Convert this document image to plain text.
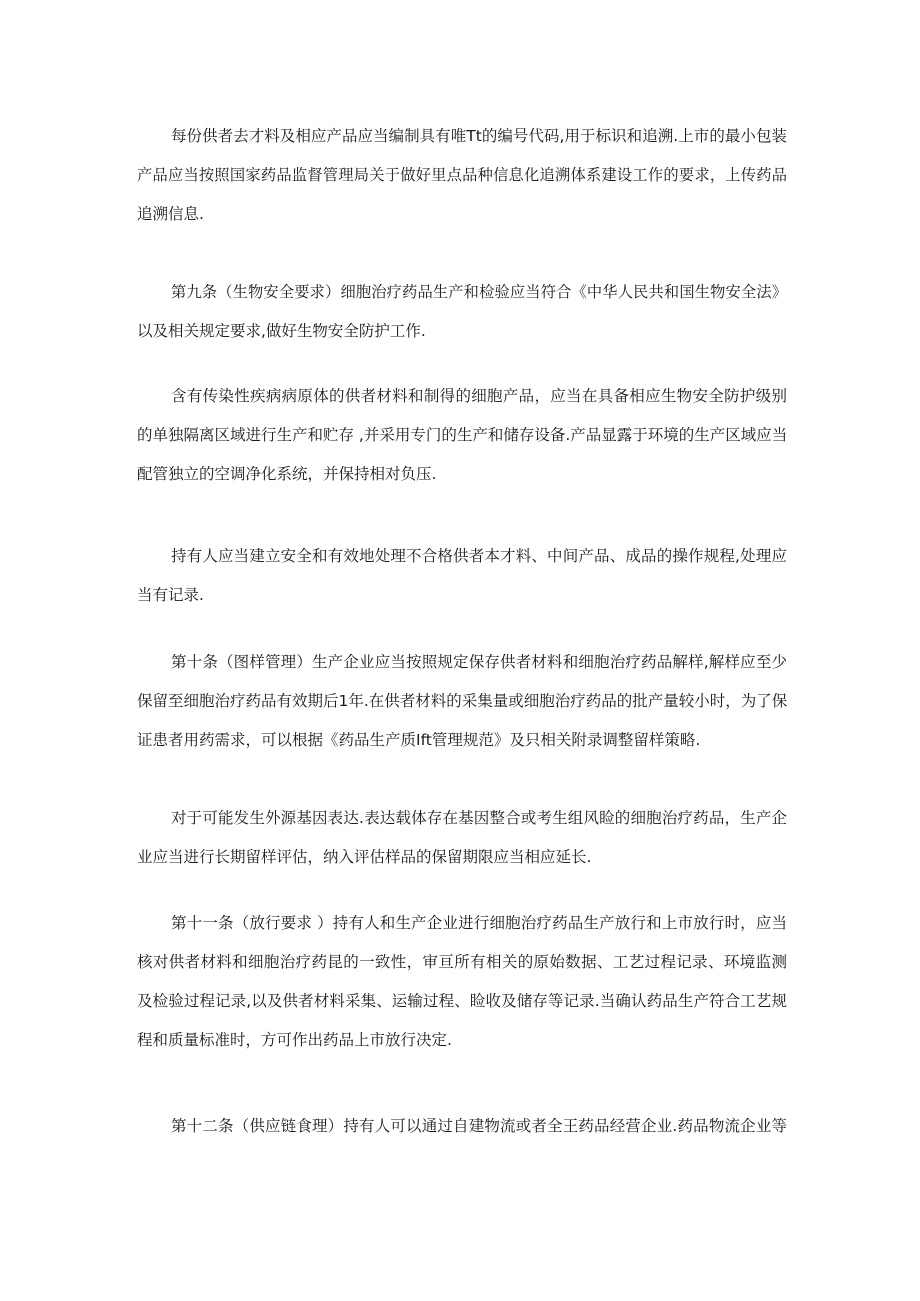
每份供者去才料及相应产品应当编制具有唯Tt的编号代码,用于标识和追溯.上市的最小包装
产品应当按照国家药品监督管理局关于做好里点品种信息化追溯体系建设工作的要求，上传药品
追溯信息.
第九条（生物安全要求）细胞治疗药品生产和检验应当符合《中华人民共和国生物安全法》
以及相关规定要求,做好生物安全防护工作.
含有传染性疾病病原体的供者材料和制得的细胞产品，应当在具备相应生物安全防护级别
的单独隔离区域进行生产和贮存 ,并采用专门的生产和储存设备.产品显露于环境的生产区域应当
配管独立的空调净化系统，并保持相对负压.
持有人应当建立安全和有效地处理不合格供者本才料、中间产品、成品的操作规程,处理应
当有记录.
第十条（图样管理）生产企业应当按照规定保存供者材料和细胞治疗药品解样,解样应至少
保留至细胞治疗药品有效期后1年.在供者材料的采集量或细胞治疗药品的批产量较小时，为了保
证患者用药需求，可以根据《药品生产质Ift管理规范》及只相关附录调整留样策略.
对于可能发生外源基因表达.表达载体存在基因整合或考生组风睑的细胞治疗药品，生产企
业应当进行长期留样评估，纳入评估样品的保留期限应当相应延长.
第十一条（放行要求 ）持有人和生产企业进行细胞治疗药品生产放行和上市放行时，应当
核对供者材料和细胞治疗药昆的一致性，审亘所有相关的原始数据、工艺过程记录、环境监测
及检验过程记录,以及供者材料采集、运输过程、睑收及储存等记录.当确认药品生产符合工艺规
程和质量标准时，方可作出药品上市放行决定.
第十二条（供应链食理）持有人可以通过自建物流或者全王药品经营企业.药品物流企业等
